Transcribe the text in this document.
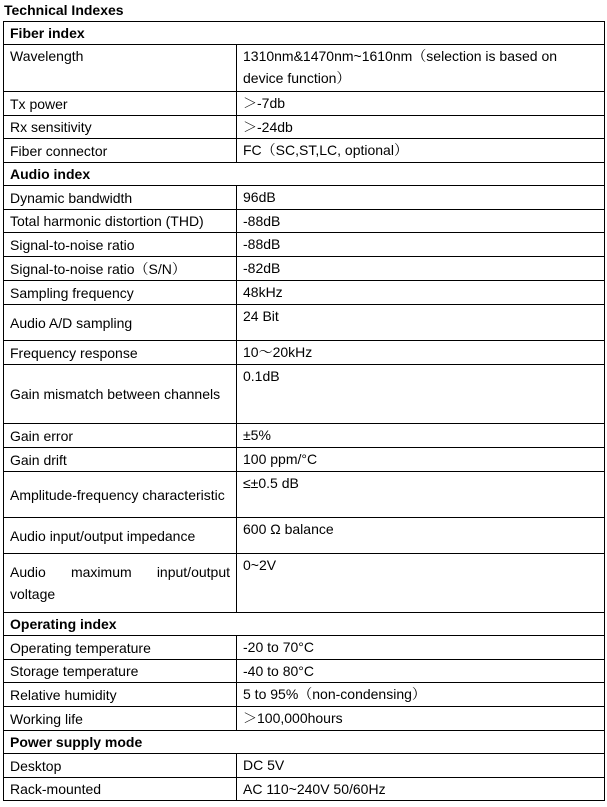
Technical Indexes
Fiber index	
Wavelength	1310nm&1470nm~1610nm（selection is based on device function）
Tx power	＞-7db
Rx sensitivity	＞-24db
Fiber connector	FC（SC,ST,LC, optional）
Audio index	
Dynamic bandwidth	96dB
Total harmonic distortion (THD)	-88dB
Signal-to-noise ratio	-88dB
Signal-to-noise ratio（S/N）	-82dB
Sampling frequency	48kHz
Audio A/D sampling	24 Bit
Frequency response	10～20kHz
Gain mismatch between channels	0.1dB
Gain error	±5%
Gain drift	100 ppm/°C
Amplitude-frequency characteristic	≤±0.5 dB
Audio input/output impedance	600 Ω balance
Audio maximum input/output voltage	0~2V
Operating index	
Operating temperature	-20 to 70°C
Storage temperature	-40 to 80°C
Relative humidity	5 to 95%（non-condensing）
Working life	＞100,000hours
Power supply mode	
Desktop	DC 5V
Rack-mounted	AC 110~240V 50/60Hz
